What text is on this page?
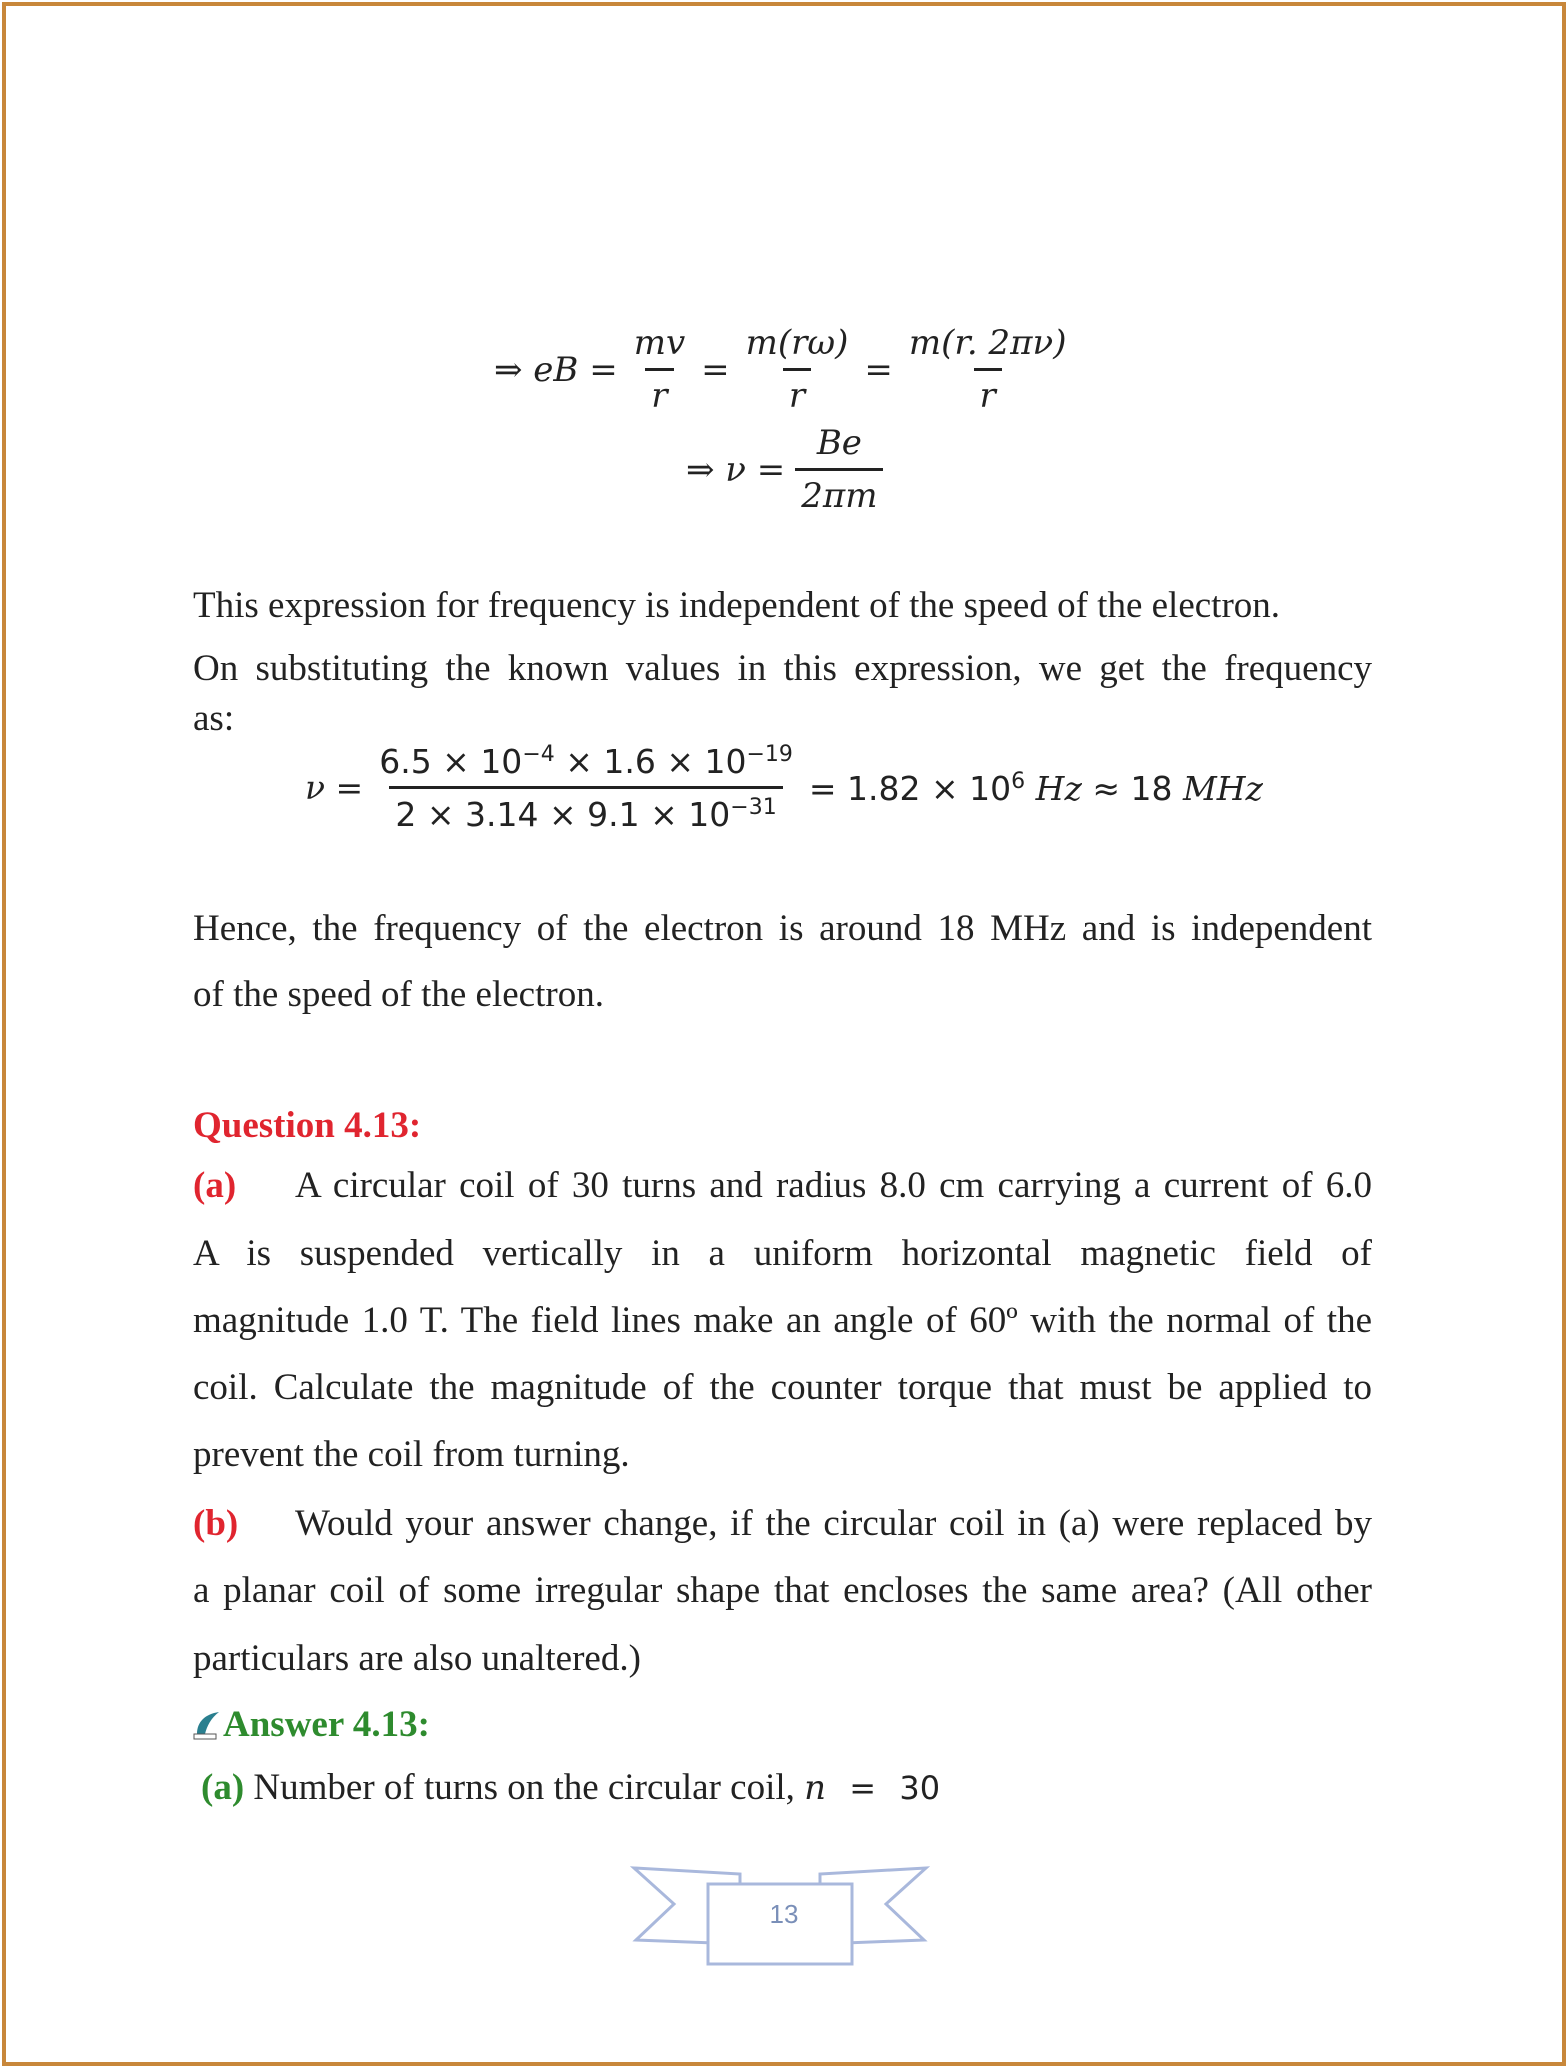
⇒ eB = $\frac{mv}{r} = \frac{m(r\omega)}{r} = \frac{m(r. 2\pi\nu)}{r}$
⇒ $\nu = \frac{Be}{2\pi m}$
This expression for frequency is independent of the speed of the electron.
On substituting the known values in this expression, we get the frequency
as:
$\nu = \frac{6.5 \times 10^{-4} \times 1.6 \times 10^{-19}}{2 \times 3.14 \times 9.1 \times 10^{-31}} = 1.82 \times 10^6$ Hz ≈ 18 MHz
Hence, the frequency of the electron is around 18 MHz and is independent
of the speed of the electron.
Question 4.13:
(a)	A circular coil of 30 turns and radius 8.0 cm carrying a current of 6.0
A is suspended vertically in a uniform horizontal magnetic field of
magnitude 1.0 T. The field lines make an angle of 60º with the normal of the
coil. Calculate the magnitude of the counter torque that must be applied to
prevent the coil from turning.
(b)	Would your answer change, if the circular coil in (a) were replaced by
a planar coil of some irregular shape that encloses the same area? (All other
particulars are also unaltered.)
Answer 4.13:
(a) Number of turns on the circular coil, n = 30
13
